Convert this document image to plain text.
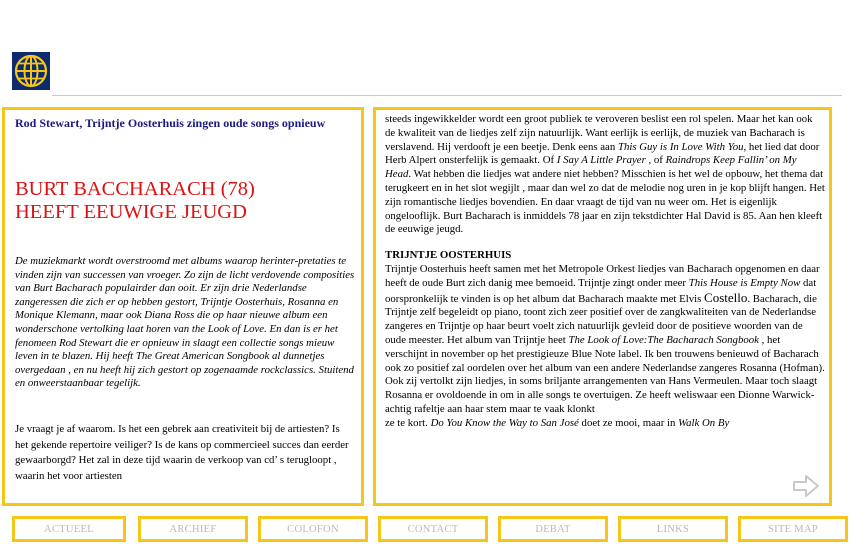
Rod Stewart, Trijntje Oosterhuis zingen oude songs opnieuw
BURT BACCHARACH (78)
HEEFT EEUWIGE JEUGD
De muziekmarkt wordt overstroomd met albums waarop herinter-pretaties te vinden zijn van successen van vroeger. Zo zijn de licht verdovende composities van Burt Bacharach populairder dan ooit. Er zijn drie Nederlandse zangeressen die zich er op hebben gestort, Trijntje Oosterhuis, Rosanna en Monique Klemann, maar ook Diana Ross die op haar nieuwe album een wonderschone vertolking laat horen van the Look of Love. En dan is er het fenomeen Rod Stewart die er opnieuw in slaagt een collectie songs mieuw leven in te blazen. Hij heeft The Great American Songbook al dunnetjes overgedaan , en nu heeft hij zich gestort op zogenaamde rockclassics. Stuitend en onweerstaanbaar tegelijk.
Je vraagt je af waarom. Is het een gebrek aan creativiteit bij de artiesten? Is het gekende repertoire veiliger? Is de kans op commercieel succes dan eerder gewaarborgd? Het zal in deze tijd waarin de verkoop van cd’ s terugloopt , waarin het voor artiesten

steeds ingewikkelder wordt een groot publiek te veroveren beslist een rol spelen. Maar het kan ook de kwaliteit van de liedjes zelf zijn natuurlijk. Want eerlijk is eerlijk, de muziek van Bacharach is verslavend. Hij verdooft je een beetje. Denk eens aan This Guy is In Love With You, het lied dat door Herb Alpert onsterfelijk is gemaakt. Of I Say A Little Prayer , of Raindrops Keep Fallin’ on My Head. Wat hebben die liedjes wat andere niet hebben? Misschien is het wel de opbouw, het thema dat terugkeert en in het slot wegijlt , maar dan wel zo dat de melodie nog uren in je kop blijft hangen. Het zijn romantische liedjes bovendien. En daar vraagt de tijd van nu weer om. Het is eigenlijk ongelooflijk. Burt Bacharach is inmiddels 78 jaar en zijn tekstdichter Hal David is 85. Aan hen kleeft de eeuwige jeugd.

TRIJNTJE OOSTERHUIS
Trijntje Oosterhuis heeft samen met het Metropole Orkest liedjes van Bacharach opgenomen en daar heeft de oude Burt zich danig mee bemoeid. Trijntje zingt onder meer This House is Empty Now dat oorspronkelijk te vinden is op het album dat Bacharach maakte met Elvis Costello. Bacharach, die Trijntje zelf begeleidt op piano, toont zich zeer positief over de zangkwaliteiten van de Nederlandse zangeres en Trijntje op haar beurt voelt zich natuurlijk gevleid door de positieve woorden van de oude meester. Het album van Trijntje heet The Look of Love:The Bacharach Songbook , het verschijnt in november op het prestigieuze Blue Note label. Ik ben trouwens benieuwd of Bacharach ook zo positief zal oordelen over het album van een andere Nederlandse zangeres Rosanna (Hofman). Ook zij vertolkt zijn liedjes, in soms briljante arrangementen van Hans Vermeulen. Maar toch slaagt Rosanna er ovoldoende in om in alle songs te overtuigen. Ze heeft weliswaar een Dionne Warwick-achtig rafeltje aan haar stem maar te vaak klonkt

ze te kort. Do You Know the Way to San José doet ze mooi, maar in Walk On By

ACTUEEL	ARCHIEF	COLOFON	CONTACT	DEBAT	LINKS	SITE MAP
